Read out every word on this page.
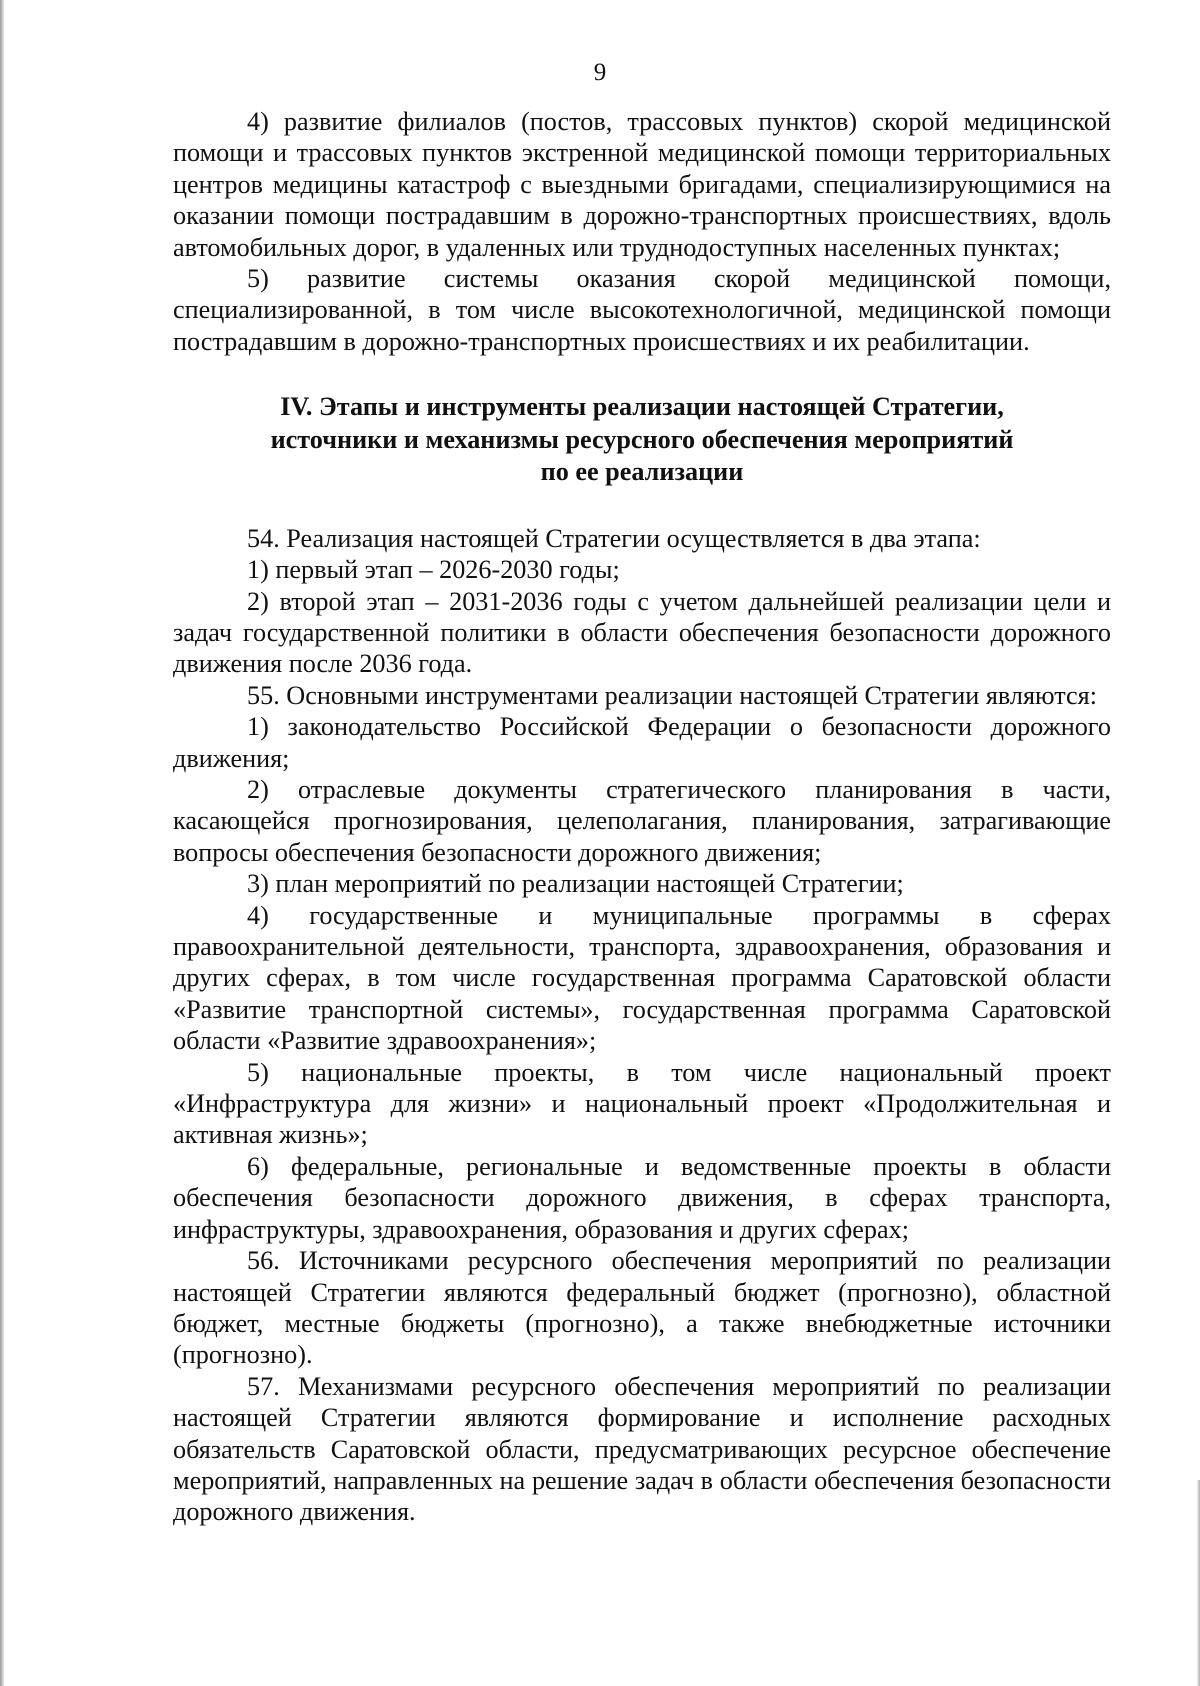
9

4) развитие филиалов (постов, трассовых пунктов) скорой медицинской помощи и трассовых пунктов экстренной медицинской помощи территориальных центров медицины катастроф с выездными бригадами, специализирующимися на оказании помощи пострадавшим в дорожно-транспортных происшествиях, вдоль автомобильных дорог, в удаленных или труднодоступных населенных пунктах;

5) развитие системы оказания скорой медицинской помощи, специализированной, в том числе высокотехнологичной, медицинской помощи пострадавшим в дорожно-транспортных происшествиях и их реабилитации.

IV. Этапы и инструменты реализации настоящей Стратегии,
источники и механизмы ресурсного обеспечения мероприятий
по ее реализации

54. Реализация настоящей Стратегии осуществляется в два этапа:

1) первый этап – 2026-2030 годы;

2) второй этап – 2031-2036 годы с учетом дальнейшей реализации цели и задач государственной политики в области обеспечения безопасности дорожного движения после 2036 года.

55. Основными инструментами реализации настоящей Стратегии являются:

1) законодательство Российской Федерации о безопасности дорожного движения;

2) отраслевые документы стратегического планирования в части, касающейся прогнозирования, целеполагания, планирования, затрагивающие вопросы обеспечения безопасности дорожного движения;

3) план мероприятий по реализации настоящей Стратегии;

4) государственные и муниципальные программы в сферах правоохранительной деятельности, транспорта, здравоохранения, образования и других сферах, в том числе государственная программа Саратовской области «Развитие транспортной системы», государственная программа Саратовской области «Развитие здравоохранения»;

5) национальные проекты, в том числе национальный проект «Инфраструктура для жизни» и национальный проект «Продолжительная и активная жизнь»;

6) федеральные, региональные и ведомственные проекты в области обеспечения безопасности дорожного движения, в сферах транспорта, инфраструктуры, здравоохранения, образования и других сферах;

56. Источниками ресурсного обеспечения мероприятий по реализации настоящей Стратегии являются федеральный бюджет (прогнозно), областной бюджет, местные бюджеты (прогнозно), а также внебюджетные источники (прогнозно).

57. Механизмами ресурсного обеспечения мероприятий по реализации настоящей Стратегии являются формирование и исполнение расходных обязательств Саратовской области, предусматривающих ресурсное обеспечение мероприятий, направленных на решение задач в области обеспечения безопасности дорожного движения.
